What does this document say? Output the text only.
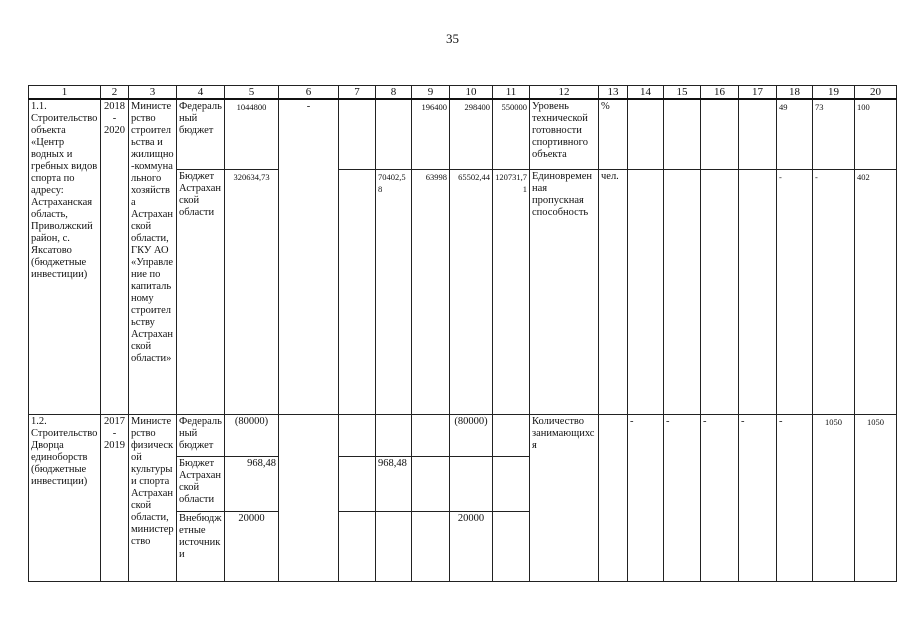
35
1	2	3	4	5	6	7	8	9	10	11	12	13	14	15	16	17	18	19	20
1.1. Строительство объекта «Центр водных и гребных видов спорта по адресу: Астраханская область, Приволжский район, с. Яксатово (бюджетные инвестиции)	2018 - 2020	Министерство строительства и жилищно-коммунального хозяйства Астраханской области, ГКУ АО «Управление по капитальному строительству Астраханской области»	Федеральный бюджет	1044800	-			196400	298400	550000	Уровень технической готовности спортивного объекта	%					49	73	100
			Бюджет Астраханской области	320634,73			70402,58	63998	65502,44	120731,71	Единовременная пропускная способность	чел.					-	-	402
1.2. Строительство Дворца единоборств (бюджетные инвестиции)	2017 - 2019	Министерство физической культуры и спорта Астраханской области, министерство	Федеральный бюджет	(80000)					(80000)		Количество занимающихся		-	-	-	-	-	1050	1050
			Бюджет Астраханской области	968,48			968,48												
			Внебюджетные источники	20000					20000										
